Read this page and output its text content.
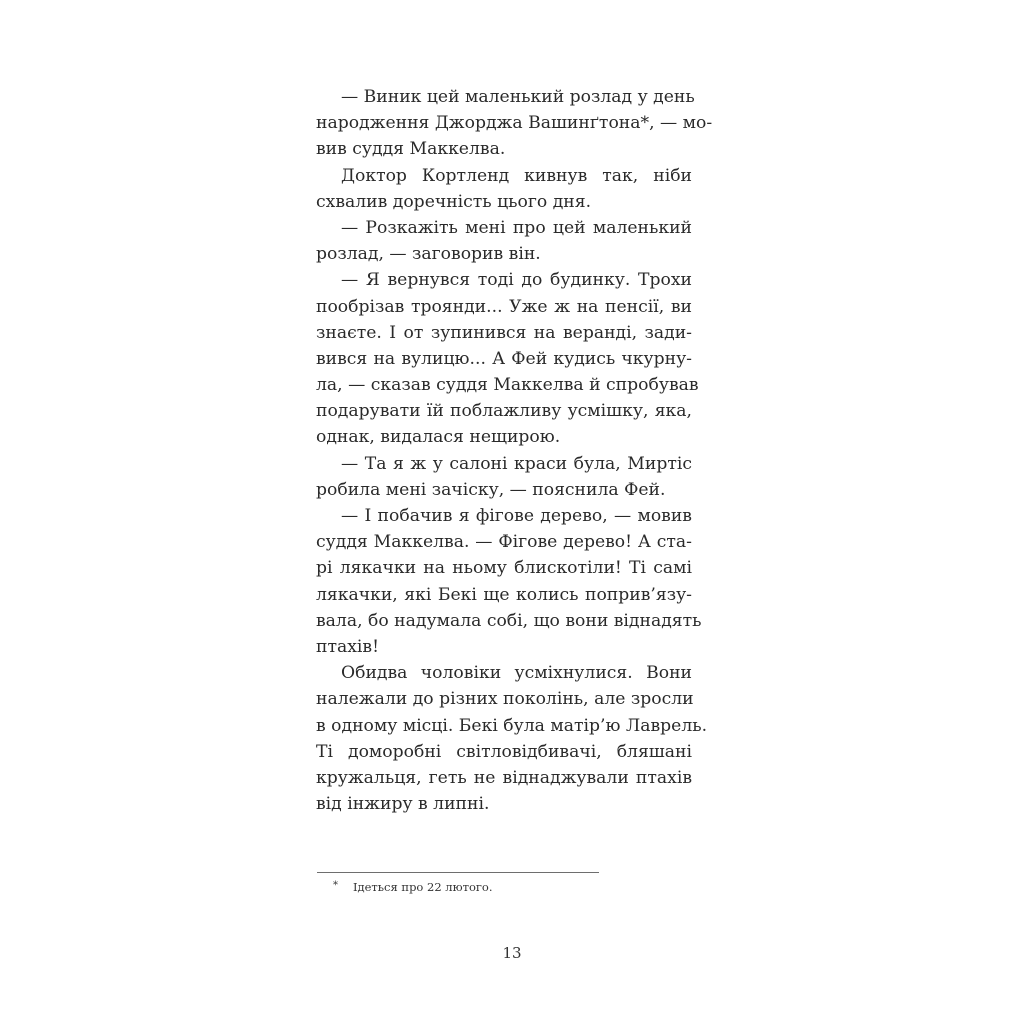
— Виник цей маленький розлад у день
народження Джорджа Вашинґтона*, — мо-
вив суддя Маккелва.
Доктор Кортленд кивнув так, ніби
схвалив доречність цього дня.
— Розкажіть мені про цей маленький
розлад, — заговорив він.
— Я вернувся тоді до будинку. Трохи
пообрізав троянди... Уже ж на пенсії, ви
знаєте. І от зупинився на веранді, зади-
вився на вулицю... А Фей кудись чкурну-
ла, — сказав суддя Маккелва й спробував
подарувати їй поблажливу усмішку, яка,
однак, видалася нещирою.
— Та я ж у салоні краси була, Миртіс
робила мені зачіску, — пояснила Фей.
— І побачив я фігове дерево, — мовив
суддя Маккелва. — Фігове дерево! А ста-
рі лякачки на ньому блискотіли! Ті самі
лякачки, які Бекі ще колись поприв’язу-
вала, бо надумала собі, що вони віднадять
птахів!
Обидва чоловіки усміхнулися. Вони
належали до різних поколінь, але зросли
в одному місці. Бекі була матір’ю Лаврель.
Ті доморобні світловідбивачі, бляшані
кружальця, геть не віднаджували птахів
від інжиру в липні.
* Ідеться про 22 лютого.
13
